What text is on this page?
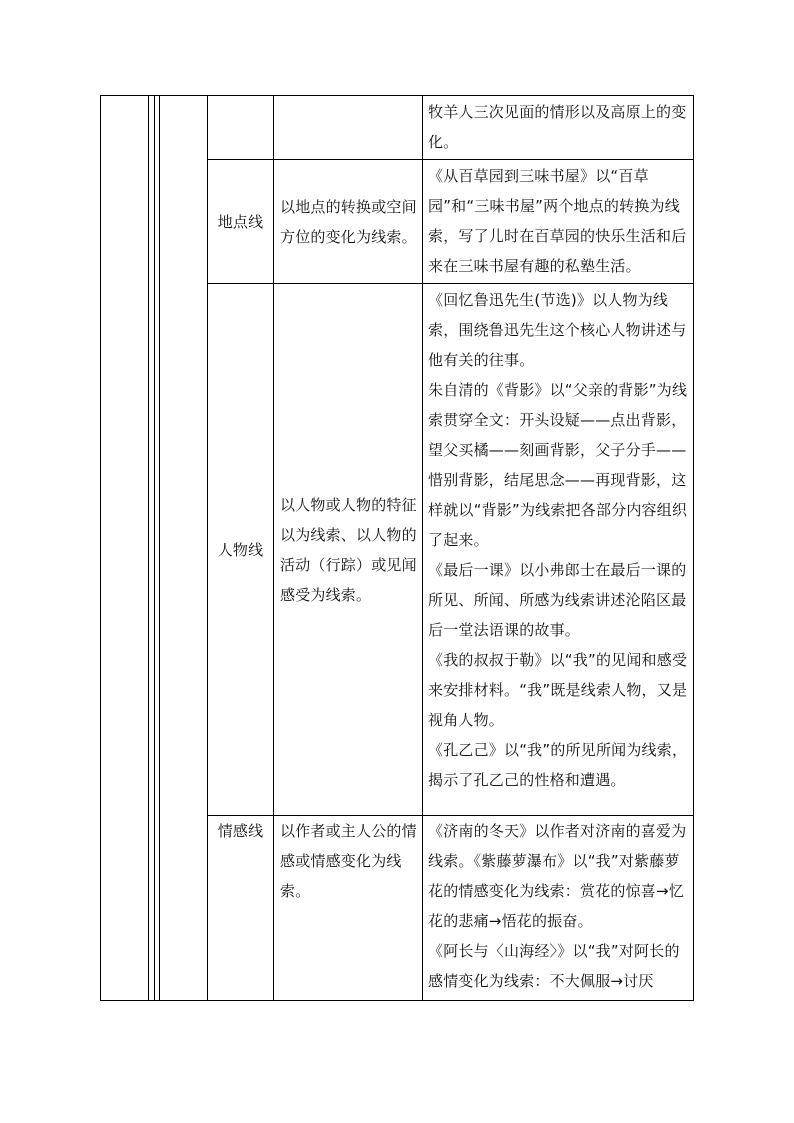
牧羊人三次见面的情形以及高原上的变化。

地点线

以地点的转换或空间方位的变化为线索。

《从百草园到三味书屋》以“百草园”和“三味书屋”两个地点的转换为线索，写了儿时在百草园的快乐生活和后来在三味书屋有趣的私塾生活。

人物线

以人物或人物的特征以为线索、以人物的活动（行踪）或见闻感受为线索。

《回忆鲁迅先生(节选)》以人物为线索，围绕鲁迅先生这个核心人物讲述与他有关的往事。

朱自清的《背影》以“父亲的背影”为线索贯穿全文：开头设疑——点出背影，望父买橘——刻画背影，父子分手——惜别背影，结尾思念——再现背影，这样就以“背影”为线索把各部分内容组织了起来。

《最后一课》以小弗郎士在最后一课的所见、所闻、所感为线索讲述沦陷区最后一堂法语课的故事。

《我的叔叔于勒》以“我”的见闻和感受来安排材料。“我”既是线索人物，又是视角人物。

《孔乙己》以“我”的所见所闻为线索，揭示了孔乙己的性格和遭遇。

情感线	以作者或主人公的情感或情感变化为线索。

《济南的冬天》以作者对济南的喜爱为线索。《紫藤萝瀑布》以“我”对紫藤萝花的情感变化为线索：赏花的惊喜→忆花的悲痛→悟花的振奋。

《阿长与〈山海经〉》以“我”对阿长的感情变化为线索：不大佩服→讨厌
